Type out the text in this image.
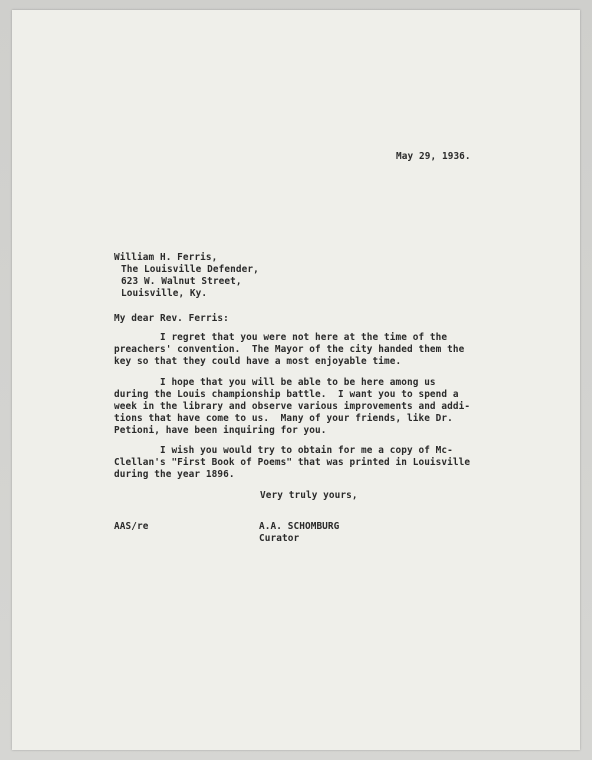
May 29, 1936.
William H. Ferris,
The Louisville Defender,
623 W. Walnut Street,
Louisville, Ky.
My dear Rev. Ferris:
I regret that you were not here at the time of the
preachers' convention.  The Mayor of the city handed them the
key so that they could have a most enjoyable time.
I hope that you will be able to be here among us
during the Louis championship battle.  I want you to spend a
week in the library and observe various improvements and addi-
tions that have come to us.  Many of your friends, like Dr.
Petioni, have been inquiring for you.
I wish you would try to obtain for me a copy of Mc-
Clellan's "First Book of Poems" that was printed in Louisville
during the year 1896.
Very truly yours,
AAS/re	A.A. SCHOMBURG
Curator
